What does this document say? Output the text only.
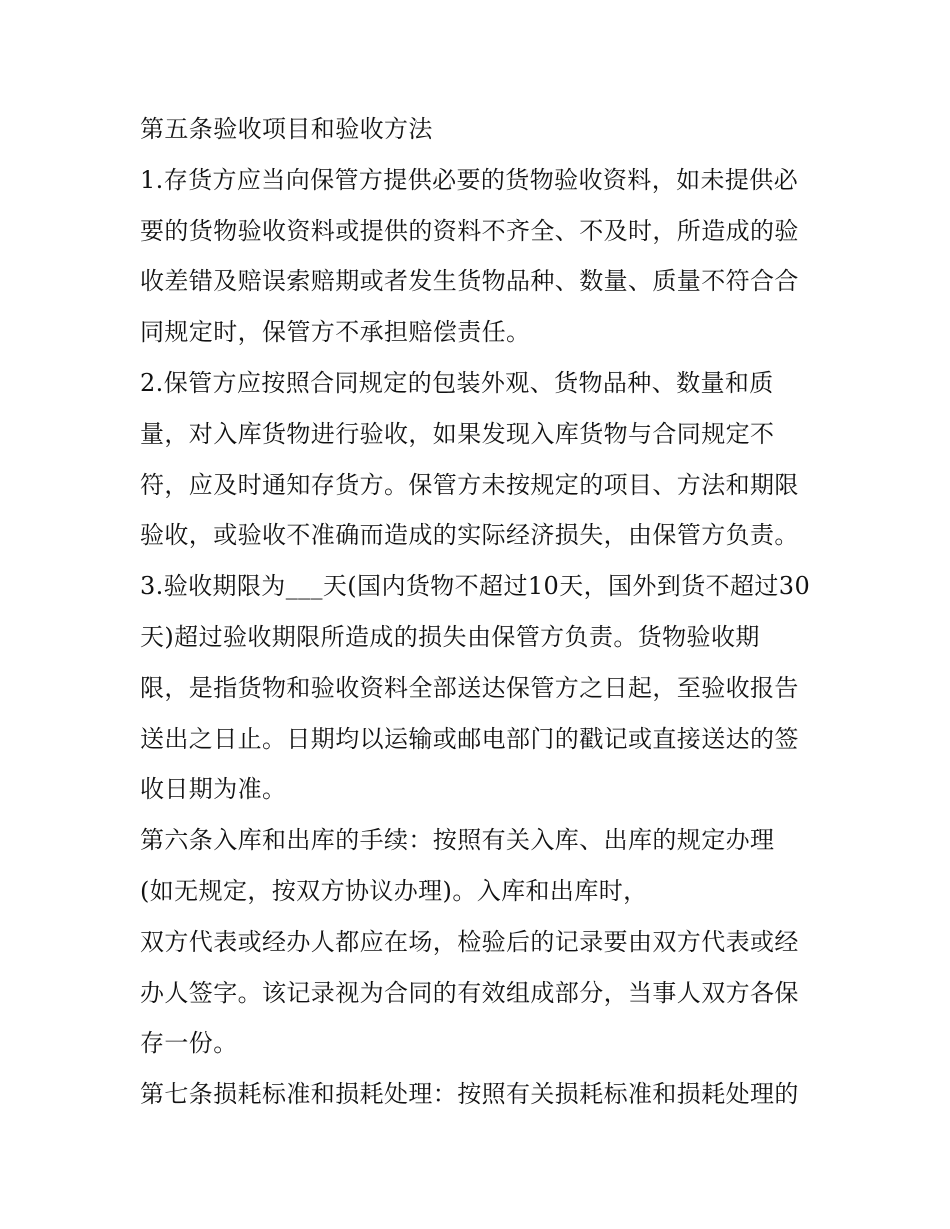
第五条验收项目和验收方法
1.存货方应当向保管方提供必要的货物验收资料，如未提供必
要的货物验收资料或提供的资料不齐全、不及时，所造成的验
收差错及赔误索赔期或者发生货物品种、数量、质量不符合合
同规定时，保管方不承担赔偿责任。
2.保管方应按照合同规定的包装外观、货物品种、数量和质
量，对入库货物进行验收，如果发现入库货物与合同规定不
符，应及时通知存货方。保管方未按规定的项目、方法和期限
验收，或验收不准确而造成的实际经济损失，由保管方负责。
3.验收期限为___天(国内货物不超过10天，国外到货不超过30
天)超过验收期限所造成的损失由保管方负责。货物验收期
限，是指货物和验收资料全部送达保管方之日起，至验收报告
送出之日止。日期均以运输或邮电部门的戳记或直接送达的签
收日期为准。
第六条入库和出库的手续：按照有关入库、出库的规定办理
(如无规定，按双方协议办理)。入库和出库时，
双方代表或经办人都应在场，检验后的记录要由双方代表或经
办人签字。该记录视为合同的有效组成部分，当事人双方各保
存一份。
第七条损耗标准和损耗处理：按照有关损耗标准和损耗处理的
